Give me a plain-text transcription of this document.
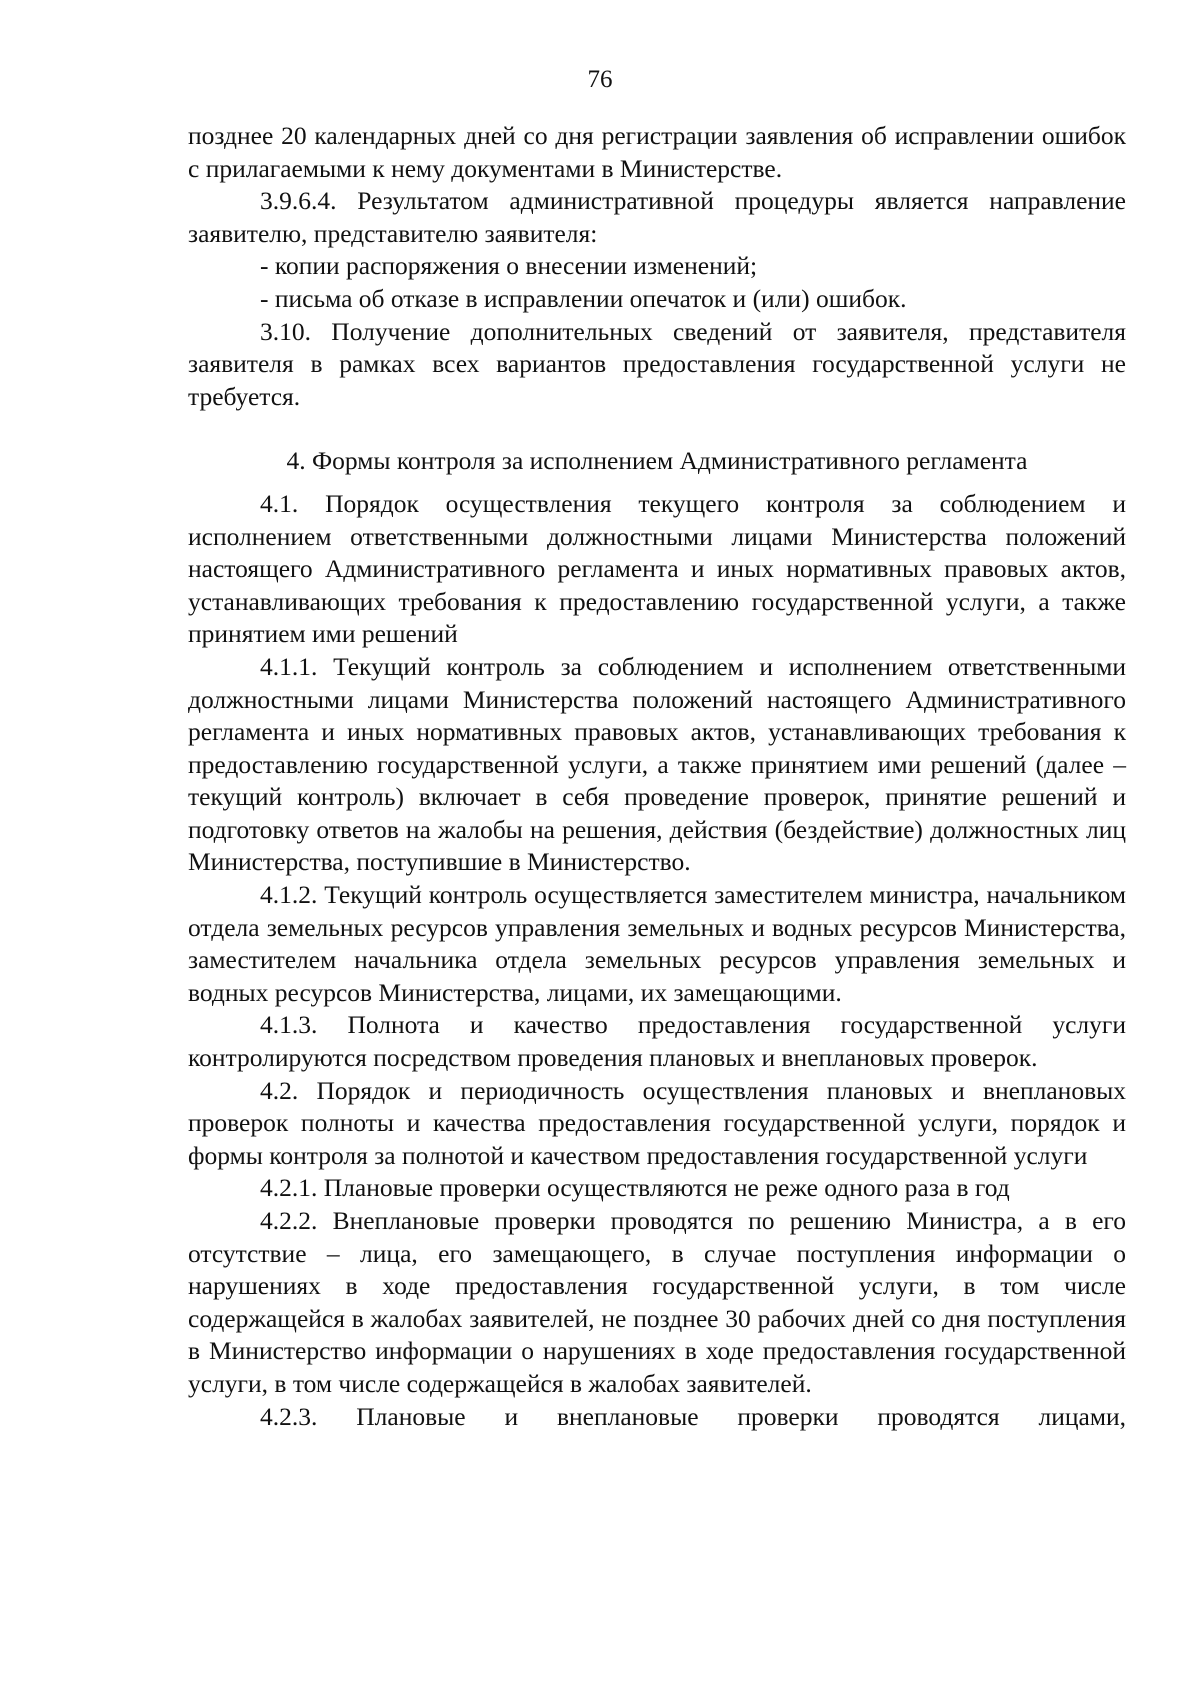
76

позднее 20 календарных дней со дня регистрации заявления об исправлении ошибок с прилагаемыми к нему документами в Министерстве.

3.9.6.4. Результатом административной процедуры является направление заявителю, представителю заявителя:

- копии распоряжения о внесении изменений;

- письма об отказе в исправлении опечаток и (или) ошибок.

3.10. Получение дополнительных сведений от заявителя, представителя заявителя в рамках всех вариантов предоставления государственной услуги не требуется.

4. Формы контроля за исполнением Административного регламента

4.1. Порядок осуществления текущего контроля за соблюдением и исполнением ответственными должностными лицами Министерства положений настоящего Административного регламента и иных нормативных правовых актов, устанавливающих требования к предоставлению государственной услуги, а также принятием ими решений

4.1.1. Текущий контроль за соблюдением и исполнением ответственными должностными лицами Министерства положений настоящего Административного регламента и иных нормативных правовых актов, устанавливающих требования к предоставлению государственной услуги, а также принятием ими решений (далее – текущий контроль) включает в себя проведение проверок, принятие решений и подготовку ответов на жалобы на решения, действия (бездействие) должностных лиц Министерства, поступившие в Министерство.

4.1.2. Текущий контроль осуществляется заместителем министра, начальником отдела земельных ресурсов управления земельных и водных ресурсов Министерства, заместителем начальника отдела земельных ресурсов управления земельных и водных ресурсов Министерства, лицами, их замещающими.

4.1.3. Полнота и качество предоставления государственной услуги контролируются посредством проведения плановых и внеплановых проверок.

4.2. Порядок и периодичность осуществления плановых и внеплановых проверок полноты и качества предоставления государственной услуги, порядок и формы контроля за полнотой и качеством предоставления государственной услуги

4.2.1. Плановые проверки осуществляются не реже одного раза в год

4.2.2. Внеплановые проверки проводятся по решению Министра, а в его отсутствие – лица, его замещающего, в случае поступления информации о нарушениях в ходе предоставления государственной услуги, в том числе содержащейся в жалобах заявителей, не позднее 30 рабочих дней со дня поступления в Министерство информации о нарушениях в ходе предоставления государственной услуги, в том числе содержащейся в жалобах заявителей.

4.2.3. Плановые и внеплановые проверки проводятся лицами,
